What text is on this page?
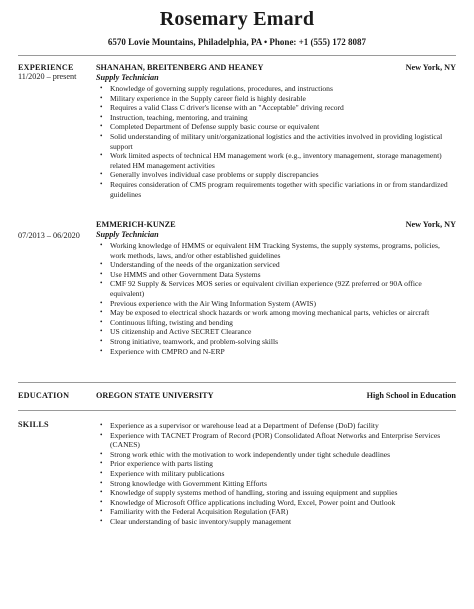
Rosemary Emard
6570 Lovie Mountains, Philadelphia, PA • Phone: +1 (555) 172 8087
EXPERIENCE
11/2020 – present
SHANAHAN, BREITENBERG AND HEANEY	New York, NY
Supply Technician
• Knowledge of governing supply regulations, procedures, and instructions
• Military experience in the Supply career field is highly desirable
• Requires a valid Class C driver's license with an "Acceptable" driving record
• Instruction, teaching, mentoring, and training
• Completed Department of Defense supply basic course or equivalent
• Solid understanding of military unit/organizational logistics and the activities involved in providing logistical support
• Work limited aspects of technical HM management work (e.g., inventory management, storage management) related HM management activities
• Generally involves individual case problems or supply discrepancies
• Requires consideration of CMS program requirements together with specific variations in or from standardized guidelines
07/2013 – 06/2020
EMMERICH-KUNZE	New York, NY
Supply Technician
• Working knowledge of HMMS or equivalent HM Tracking Systems, the supply systems, programs, policies, work methods, laws, and/or other established guidelines
• Understanding of the needs of the organization serviced
• Use HMMS and other Government Data Systems
• CMF 92 Supply & Services MOS series or equivalent civilian experience (92Z preferred or 90A office equivalent)
• Previous experience with the Air Wing Information System (AWIS)
• May be exposed to electrical shock hazards or work among moving mechanical parts, vehicles or aircraft
• Continuous lifting, twisting and bending
• US citizenship and Active SECRET Clearance
• Strong initiative, teamwork, and problem-solving skills
• Experience with CMPRO and N-ERP
EDUCATION	OREGON STATE UNIVERSITY	High School in Education
SKILLS	• Experience as a supervisor or warehouse lead at a Department of Defense (DoD) facility
• Experience with TACNET Program of Record (POR) Consolidated Afloat Networks and Enterprise Services (CANES)
• Strong work ethic with the motivation to work independently under tight schedule deadlines
• Prior experience with parts listing
• Experience with military publications
• Strong knowledge with Government Kitting Efforts
• Knowledge of supply systems method of handling, storing and issuing equipment and supplies
• Knowledge of Microsoft Office applications including Word, Excel, Power point and Outlook
• Familiarity with the Federal Acquisition Regulation (FAR)
• Clear understanding of basic inventory/supply management
